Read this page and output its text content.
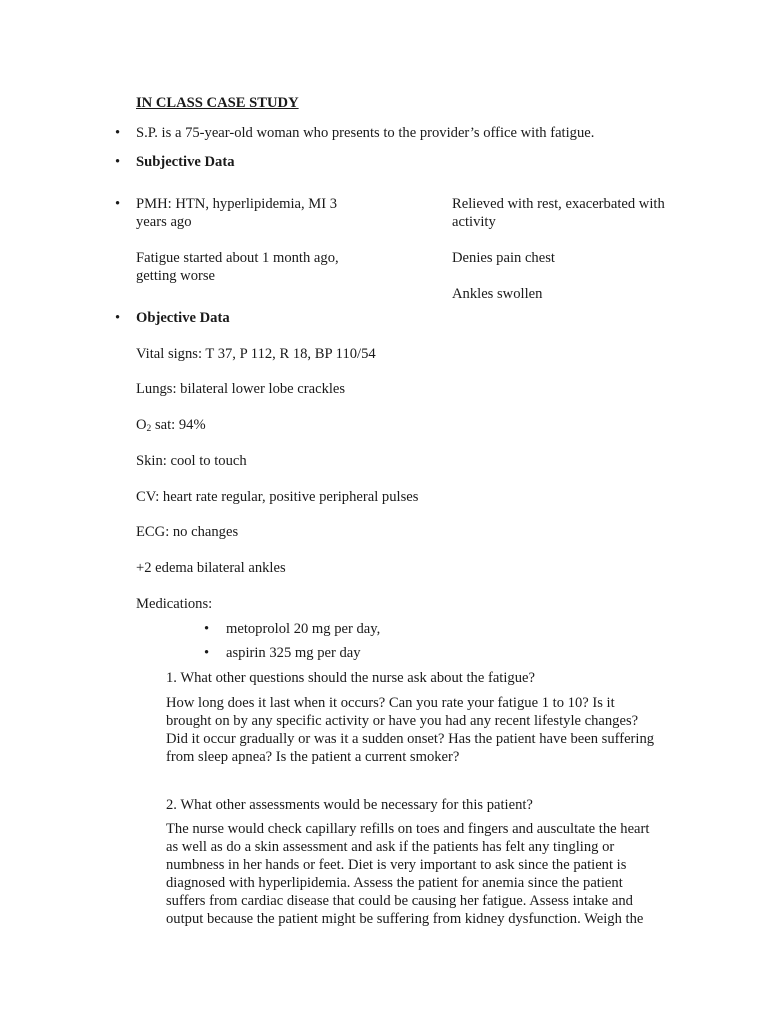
IN CLASS CASE STUDY
• S.P. is a 75-year-old woman who presents to the provider’s office with fatigue.
• Subjective Data
• PMH: HTN, hyperlipidemia, MI 3
years ago
Fatigue started about 1 month ago,
getting worse
Relieved with rest, exacerbated with
activity
Denies pain chest
Ankles swollen
• Objective Data
Vital signs: T 37, P 112, R 18, BP 110/54
Lungs: bilateral lower lobe crackles
$O_2$ sat: 94%
Skin: cool to touch
CV: heart rate regular, positive peripheral pulses
ECG: no changes
+2 edema bilateral ankles
Medications:
• metoprolol 20 mg per day,
• aspirin 325 mg per day
1. What other questions should the nurse ask about the fatigue?
How long does it last when it occurs? Can you rate your fatigue 1 to 10? Is it
brought on by any specific activity or have you had any recent lifestyle changes?
Did it occur gradually or was it a sudden onset? Has the patient have been suffering
from sleep apnea? Is the patient a current smoker?
2. What other assessments would be necessary for this patient?
The nurse would check capillary refills on toes and fingers and auscultate the heart
as well as do a skin assessment and ask if the patients has felt any tingling or
numbness in her hands or feet. Diet is very important to ask since the patient is
diagnosed with hyperlipidemia. Assess the patient for anemia since the patient
suffers from cardiac disease that could be causing her fatigue. Assess intake and
output because the patient might be suffering from kidney dysfunction. Weigh the
